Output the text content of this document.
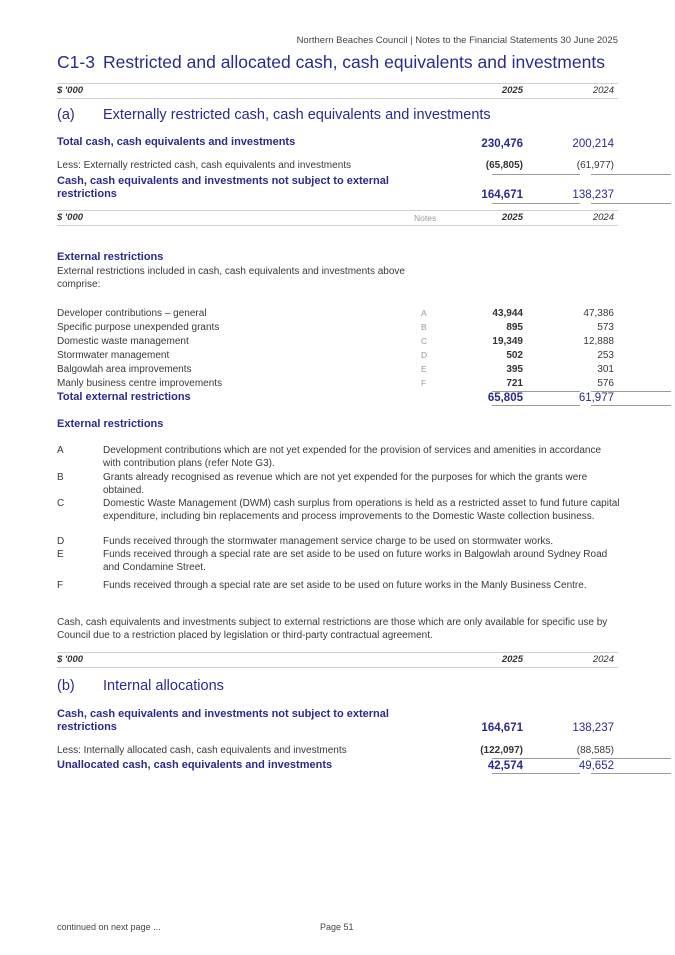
Northern Beaches Council | Notes to the Financial Statements 30 June 2025
C1-3 Restricted and allocated cash, cash equivalents and investments
$ '000	2025	2024
(a) Externally restricted cash, cash equivalents and investments
Total cash, cash equivalents and investments	230,476	200,214
Less: Externally restricted cash, cash equivalents and investments	(65,805)	(61,977)
Cash, cash equivalents and investments not subject to external restrictions	164,671	138,237
$ '000	Notes	2025	2024
External restrictions
External restrictions included in cash, cash equivalents and investments above comprise:
Developer contributions – general	A	43,944	47,386
Specific purpose unexpended grants	B	895	573
Domestic waste management	C	19,349	12,888
Stormwater management	D	502	253
Balgowlah area improvements	E	395	301
Manly business centre improvements	F	721	576
Total external restrictions	65,805	61,977
External restrictions
A	Development contributions which are not yet expended for the provision of services and amenities in accordance with contribution plans (refer Note G3).
B	Grants already recognised as revenue which are not yet expended for the purposes for which the grants were obtained.
C	Domestic Waste Management (DWM) cash surplus from operations is held as a restricted asset to fund future capital expenditure, including bin replacements and process improvements to the Domestic Waste collection business.
D	Funds received through the stormwater management service charge to be used on stormwater works.
E	Funds received through a special rate are set aside to be used on future works in Balgowlah around Sydney Road and Condamine Street.
F	Funds received through a special rate are set aside to be used on future works in the Manly Business Centre.
Cash, cash equivalents and investments subject to external restrictions are those which are only available for specific use by Council due to a restriction placed by legislation or third-party contractual agreement.
$ '000	2025	2024
(b) Internal allocations
Cash, cash equivalents and investments not subject to external restrictions	164,671	138,237
Less: Internally allocated cash, cash equivalents and investments	(122,097)	(88,585)
Unallocated cash, cash equivalents and investments	42,574	49,652
continued on next page ...	Page 51
